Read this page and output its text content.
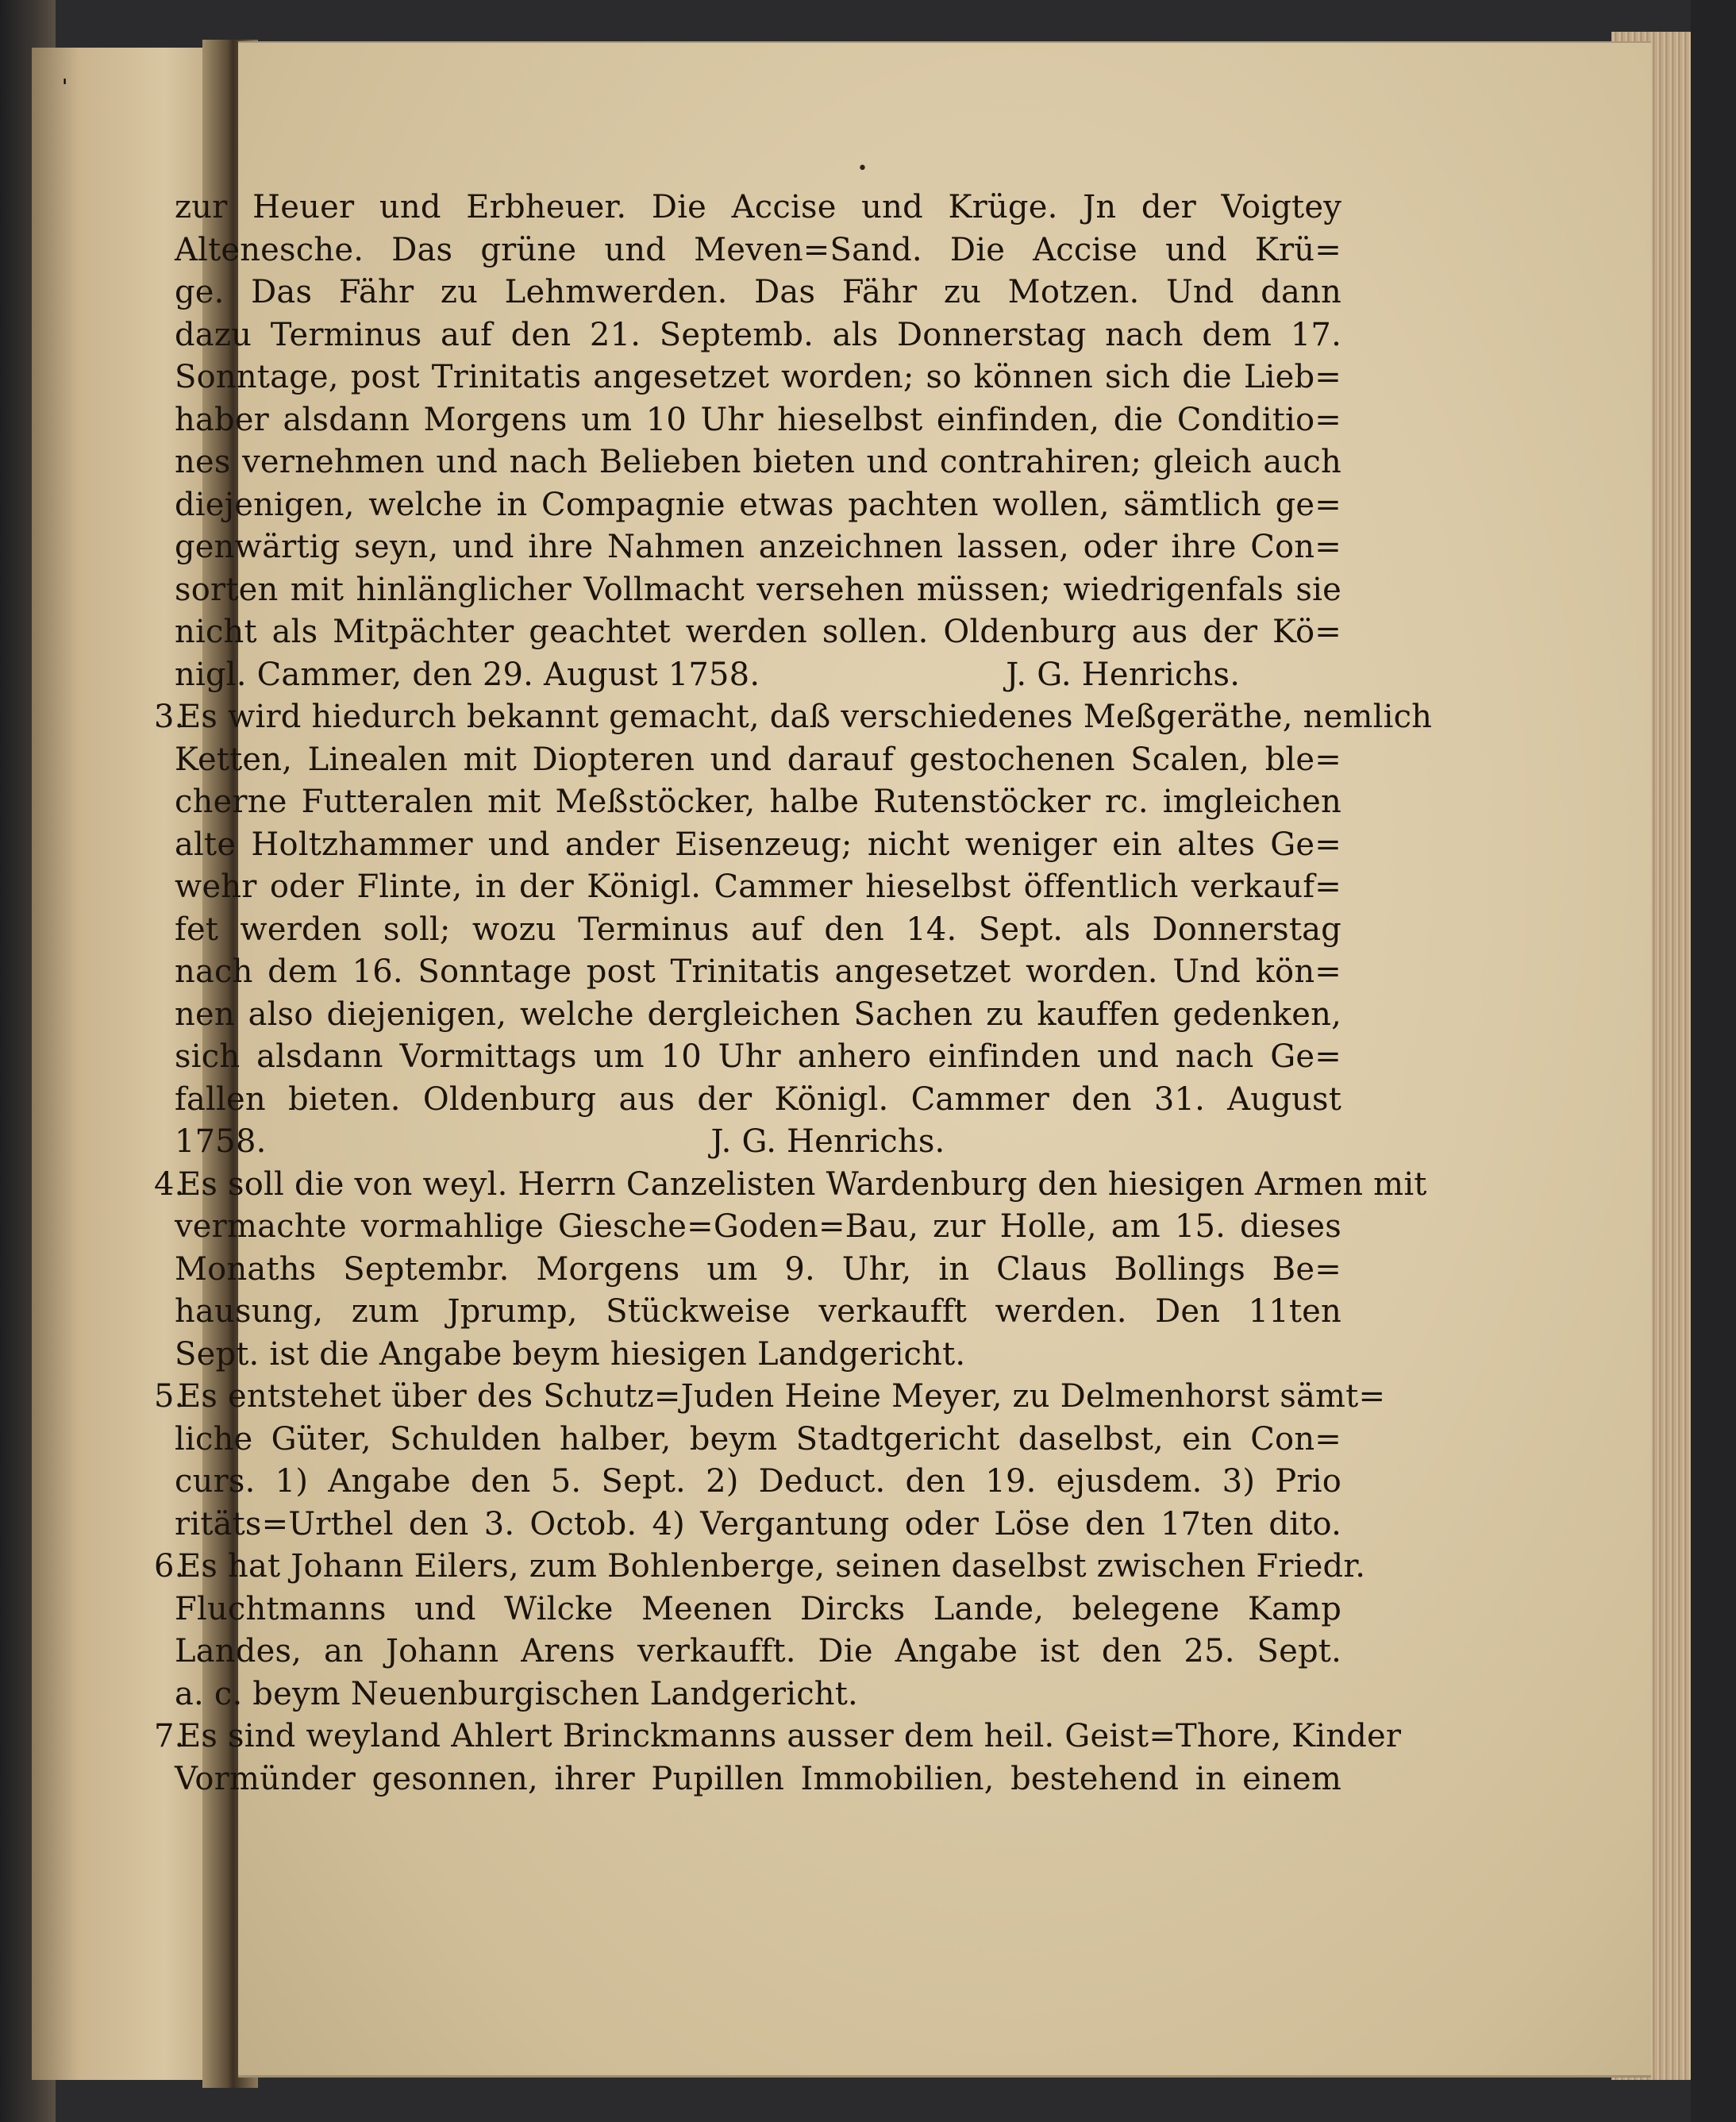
'
•
zur Heuer und Erbheuer. Die Accise und Krüge. Jn der Voigtey
Altenesche. Das grüne und Meven=Sand. Die Accise und Krü=
ge. Das Fähr zu Lehmwerden. Das Fähr zu Motzen. Und dann
dazu Terminus auf den 21. Septemb. als Donnerstag nach dem 17.
Sonntage, post Trinitatis angesetzet worden; so können sich die Lieb=
haber alsdann Morgens um 10 Uhr hieselbst einfinden, die Conditio=
nes vernehmen und nach Belieben bieten und contrahiren; gleich auch
diejenigen, welche in Compagnie etwas pachten wollen, sämtlich ge=
genwärtig seyn, und ihre Nahmen anzeichnen lassen, oder ihre Con=
sorten mit hinlänglicher Vollmacht versehen müssen; wiedrigenfals sie
nicht als Mitpächter geachtet werden sollen. Oldenburg aus der Kö=
nigl. Cammer, den 29. August 1758.	J. G. Henrichs.
3.Es wird hiedurch bekannt gemacht, daß verschiedenes Meßgeräthe, nemlich
Ketten, Linealen mit Diopteren und darauf gestochenen Scalen, ble=
cherne Futteralen mit Meßstöcker, halbe Rutenstöcker rc. imgleichen
alte Holtzhammer und ander Eisenzeug; nicht weniger ein altes Ge=
wehr oder Flinte, in der Königl. Cammer hieselbst öffentlich verkauf=
fet werden soll; wozu Terminus auf den 14. Sept. als Donnerstag
nach dem 16. Sonntage post Trinitatis angesetzet worden. Und kön=
nen also diejenigen, welche dergleichen Sachen zu kauffen gedenken,
sich alsdann Vormittags um 10 Uhr anhero einfinden und nach Ge=
fallen bieten. Oldenburg aus der Königl. Cammer den 31. August
1758.	J. G. Henrichs.
4.Es soll die von weyl. Herrn Canzelisten Wardenburg den hiesigen Armen mit
vermachte vormahlige Giesche=Goden=Bau, zur Holle, am 15. dieses
Monaths Septembr. Morgens um 9. Uhr, in Claus Bollings Be=
hausung, zum Jprump, Stückweise verkaufft werden. Den 11ten
Sept. ist die Angabe beym hiesigen Landgericht.
5.Es entstehet über des Schutz=Juden Heine Meyer, zu Delmenhorst sämt=
liche Güter, Schulden halber, beym Stadtgericht daselbst, ein Con=
curs. 1) Angabe den 5. Sept. 2) Deduct. den 19. ejusdem. 3) Prio
ritäts=Urthel den 3. Octob. 4) Vergantung oder Löse den 17ten dito.
6.Es hat Johann Eilers, zum Bohlenberge, seinen daselbst zwischen Friedr.
Fluchtmanns und Wilcke Meenen Dircks Lande, belegene Kamp
Landes, an Johann Arens verkaufft. Die Angabe ist den 25. Sept.
a. c. beym Neuenburgischen Landgericht.
7.Es sind weyland Ahlert Brinckmanns ausser dem heil. Geist=Thore, Kinder
Vormünder gesonnen, ihrer Pupillen Immobilien, bestehend in einem
